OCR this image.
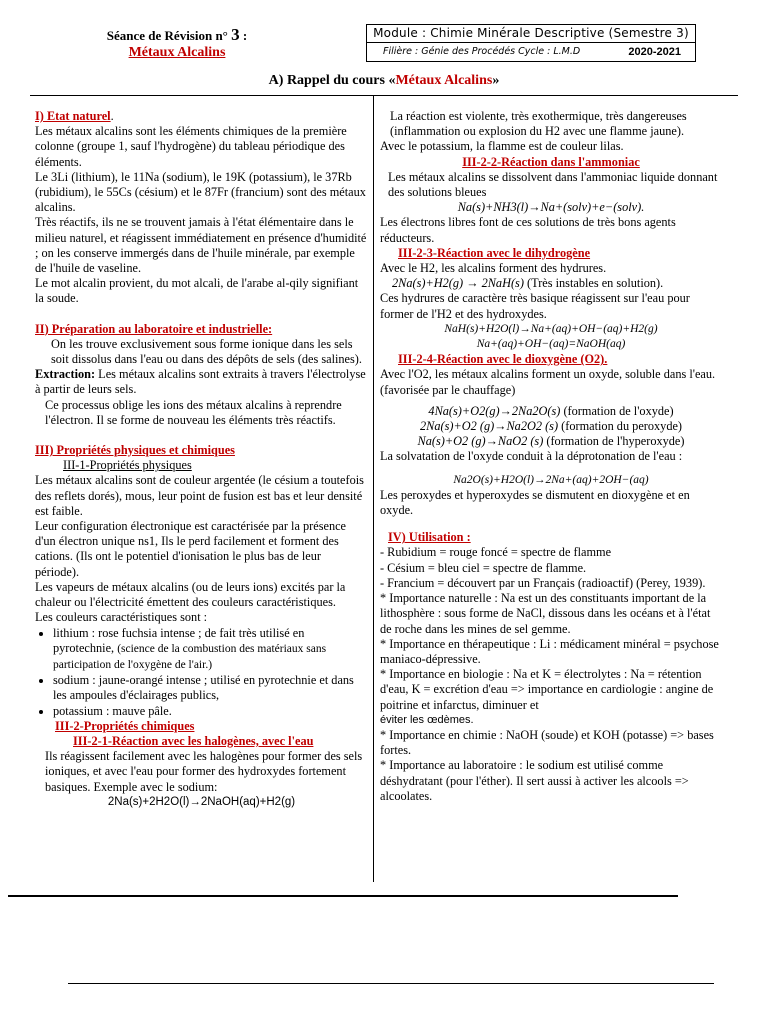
Séance de Révision n° 3 :
Métaux Alcalins
Module : Chimie Minérale Descriptive (Semestre 3)
Filière : Génie des Procédés Cycle : L.M.D	2020-2021
A) Rappel du cours «Métaux Alcalins»

I) Etat naturel.

Les métaux alcalins sont les éléments chimiques de la première colonne (groupe 1, sauf l'hydrogène) du tableau périodique des éléments.

Le 3Li (lithium), le 11Na (sodium), le 19K (potassium), le 37Rb (rubidium), le 55Cs (césium) et le 87Fr (francium) sont des métaux alcalins.

Très réactifs, ils ne se trouvent jamais à l'état élémentaire dans le milieu naturel, et réagissent immédiatement en présence d'humidité ; on les conserve immergés dans de l'huile minérale, par exemple de l'huile de vaseline.

Le mot alcalin provient, du mot alcali, de l'arabe al-qily signifiant la soude.

II) Préparation au laboratoire et industrielle:

On les trouve exclusivement sous forme ionique dans les sels soit dissolus dans l'eau ou dans des dépôts de sels (des salines).

Extraction: Les métaux alcalins sont extraits à travers l'électrolyse à partir de leurs sels.

Ce processus oblige les ions des métaux alcalins à reprendre l'électron. Il se forme de nouveau les éléments très réactifs.

III) Propriétés physiques et chimiques

III-1-Propriétés physiques

Les métaux alcalins sont de couleur argentée (le césium a toutefois des reflets dorés), mous, leur point de fusion est bas et leur densité est faible.

Leur configuration électronique est caractérisée par la présence d'un électron unique ns1, Ils le perd facilement et forment des cations. (Ils ont le potentiel d'ionisation le plus bas de leur période).

Les vapeurs de métaux alcalins (ou de leurs ions) excités par la chaleur ou l'électricité émettent des couleurs caractéristiques.

Les couleurs caractéristiques sont :

• lithium : rose fuchsia intense ; de fait très utilisé en pyrotechnie, (science de la combustion des matériaux sans participation de l'oxygène de l'air.)
• sodium : jaune-orangé intense ; utilisé en pyrotechnie et dans les ampoules d'éclairages publics,
• potassium : mauve pâle.

III-2-Propriétés chimiques

III-2-1-Réaction avec les halogènes, avec l'eau

Ils réagissent facilement avec les halogènes pour former des sels ioniques, et avec l'eau pour former des hydroxydes fortement basiques. Exemple avec le sodium:

2Na(s)+2H2O(l)→2NaOH(aq)+H2(g)

La réaction est violente, très exothermique, très dangereuses (inflammation ou explosion du H2 avec une flamme jaune).

Avec le potassium, la flamme est de couleur lilas.

III-2-2-Réaction dans l'ammoniac

Les métaux alcalins se dissolvent dans l'ammoniac liquide donnant des solutions bleues

Na(s)+NH3(l)→Na+(solv)+e−(solv).

Les électrons libres font de ces solutions de très bons agents réducteurs.

III-2-3-Réaction avec le dihydrogène

Avec le H2, les alcalins forment des hydrures.

2Na(s)+H2(g) → 2NaH(s) (Très instables en solution).

Ces hydrures de caractère très basique réagissent sur l'eau pour former de l'H2 et des hydroxydes.

NaH(s)+H2O(l)→Na+(aq)+OH−(aq)+H2(g)

Na+(aq)+OH−(aq)=NaOH(aq)

III-2-4-Réaction avec le dioxygène (O2).

Avec l'O2, les métaux alcalins forment un oxyde, soluble dans l'eau. (favorisée par le chauffage)

4Na(s)+O2(g)→2Na2O(s) (formation de l'oxyde)

2Na(s)+O2 (g)→Na2O2 (s) (formation du peroxyde)

Na(s)+O2 (g)→NaO2 (s) (formation de l'hyperoxyde)

La solvatation de l'oxyde conduit à la déprotonation de l'eau :

Na2O(s)+H2O(l)→2Na+(aq)+2OH−(aq)

Les peroxydes et hyperoxydes se dismutent en dioxygène et en oxyde.

IV) Utilisation :

- Rubidium = rouge foncé = spectre de flamme

- Césium = bleu ciel = spectre de flamme.

- Francium = découvert par un Français (radioactif) (Perey, 1939).

* Importance naturelle : Na est un des constituants important de la lithosphère : sous forme de NaCl, dissous dans les océans et à l'état de roche dans les mines de sel gemme.

* Importance en thérapeutique : Li : médicament minéral = psychose maniaco-dépressive.

* Importance en biologie : Na et K = électrolytes : Na = rétention d'eau, K = excrétion d'eau => importance en cardiologie : angine de poitrine et infarctus, diminuer et

éviter les œdèmes.

* Importance en chimie : NaOH (soude) et KOH (potasse) => bases fortes.

* Importance au laboratoire : le sodium est utilisé comme déshydratant (pour l'éther). Il sert aussi à activer les alcools => alcoolates.
